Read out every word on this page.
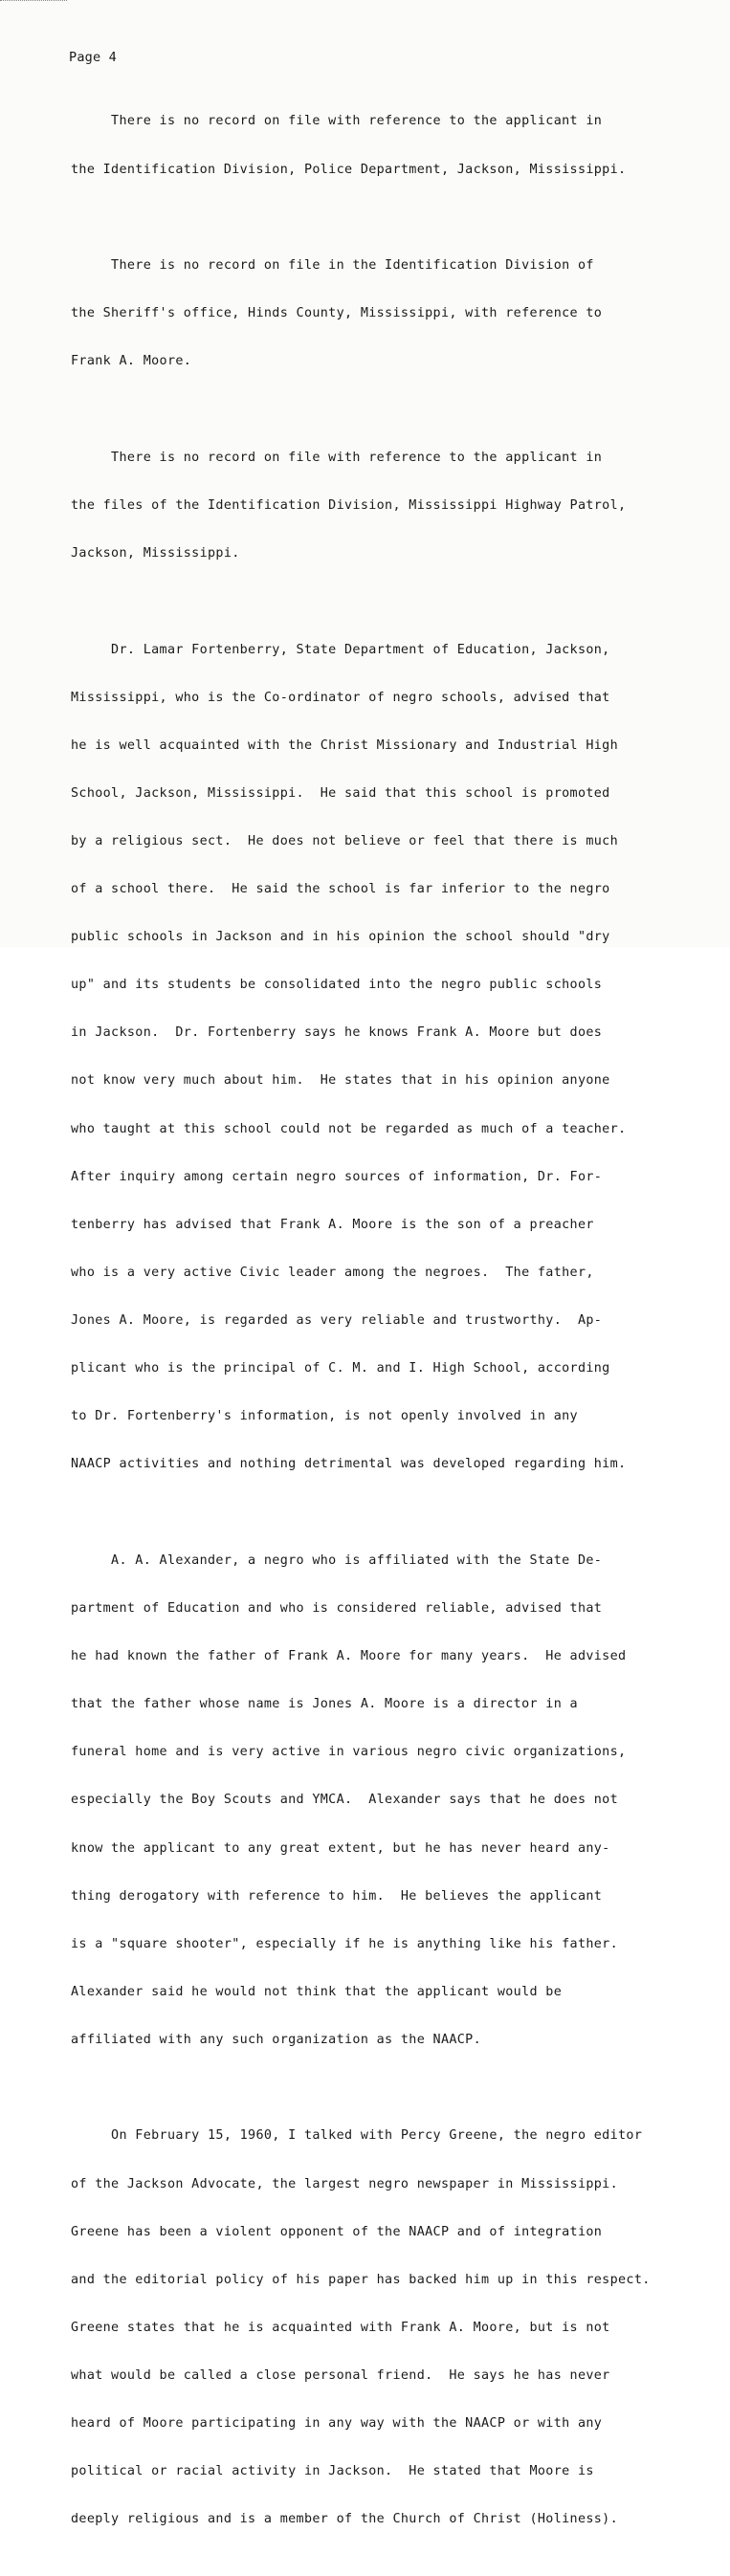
Page 4

There is no record on file with reference to the applicant in

the Identification Division, Police Department, Jackson, Mississippi.

There is no record on file in the Identification Division of

the Sheriff's office, Hinds County, Mississippi, with reference to

Frank A. Moore.

There is no record on file with reference to the applicant in

the files of the Identification Division, Mississippi Highway Patrol,

Jackson, Mississippi.

Dr. Lamar Fortenberry, State Department of Education, Jackson,

Mississippi, who is the Co-ordinator of negro schools, advised that

he is well acquainted with the Christ Missionary and Industrial High

School, Jackson, Mississippi.  He said that this school is promoted

by a religious sect.  He does not believe or feel that there is much

of a school there.  He said the school is far inferior to the negro

public schools in Jackson and in his opinion the school should "dry

up" and its students be consolidated into the negro public schools

in Jackson.  Dr. Fortenberry says he knows Frank A. Moore but does

not know very much about him.  He states that in his opinion anyone

who taught at this school could not be regarded as much of a teacher.

After inquiry among certain negro sources of information, Dr. For-

tenberry has advised that Frank A. Moore is the son of a preacher

who is a very active Civic leader among the negroes.  The father,

Jones A. Moore, is regarded as very reliable and trustworthy.  Ap-

plicant who is the principal of C. M. and I. High School, according

to Dr. Fortenberry's information, is not openly involved in any

NAACP activities and nothing detrimental was developed regarding him.

A. A. Alexander, a negro who is affiliated with the State De-

partment of Education and who is considered reliable, advised that

he had known the father of Frank A. Moore for many years.  He advised

that the father whose name is Jones A. Moore is a director in a

funeral home and is very active in various negro civic organizations,

especially the Boy Scouts and YMCA.  Alexander says that he does not

know the applicant to any great extent, but he has never heard any-

thing derogatory with reference to him.  He believes the applicant

is a "square shooter", especially if he is anything like his father.

Alexander said he would not think that the applicant would be

affiliated with any such organization as the NAACP.

On February 15, 1960, I talked with Percy Greene, the negro editor

of the Jackson Advocate, the largest negro newspaper in Mississippi.

Greene has been a violent opponent of the NAACP and of integration

and the editorial policy of his paper has backed him up in this respect.

Greene states that he is acquainted with Frank A. Moore, but is not

what would be called a close personal friend.  He says he has never

heard of Moore participating in any way with the NAACP or with any

political or racial activity in Jackson.  He stated that Moore is

deeply religious and is a member of the Church of Christ (Holiness).
